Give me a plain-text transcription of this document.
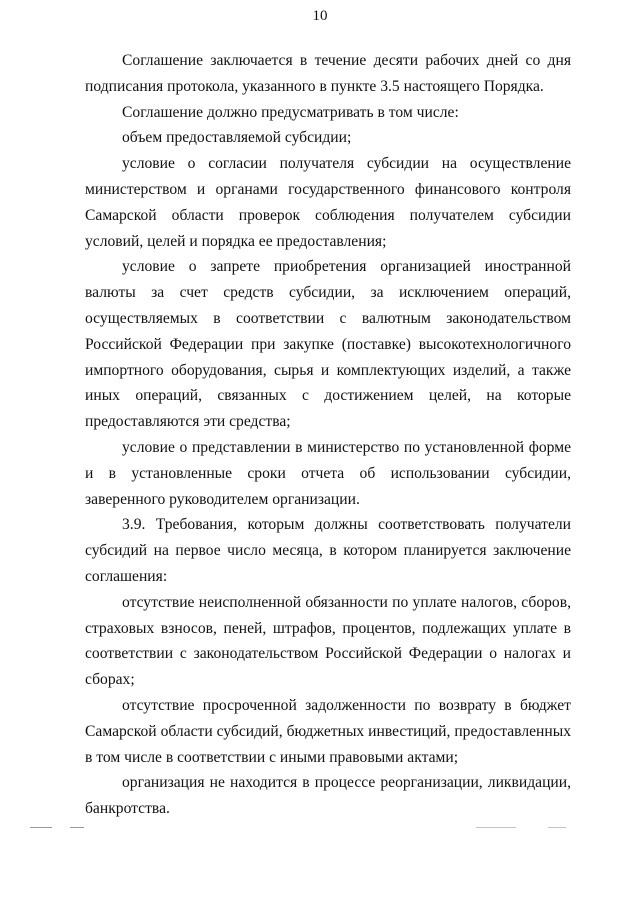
10

Соглашение заключается в течение десяти рабочих дней со дня подписания протокола, указанного в пункте 3.5 настоящего Порядка.

Соглашение должно предусматривать в том числе:

объем предоставляемой субсидии;

условие о согласии получателя субсидии на осуществление министерством и органами государственного финансового контроля Самарской области проверок соблюдения получателем субсидии условий, целей и порядка ее предоставления;

условие о запрете приобретения организацией иностранной валюты за счет средств субсидии, за исключением операций, осуществляемых в соответствии с валютным законодательством Российской Федерации при закупке (поставке) высокотехнологичного импортного оборудования, сырья и комплектующих изделий, а также иных операций, связанных с достижением целей, на которые предоставляются эти средства;

условие о представлении в министерство по установленной форме и в установленные сроки отчета об использовании субсидии, заверенного руководителем организации.

3.9. Требования, которым должны соответствовать получатели субсидий на первое число месяца, в котором планируется заключение соглашения:

отсутствие неисполненной обязанности по уплате налогов, сборов, страховых взносов, пеней, штрафов, процентов, подлежащих уплате в соответствии с законодательством Российской Федерации о налогах и сборах;

отсутствие просроченной задолженности по возврату в бюджет Самарской области субсидий, бюджетных инвестиций, предоставленных в том числе в соответствии с иными правовыми актами;

организация не находится в процессе реорганизации, ликвидации, банкротства.
